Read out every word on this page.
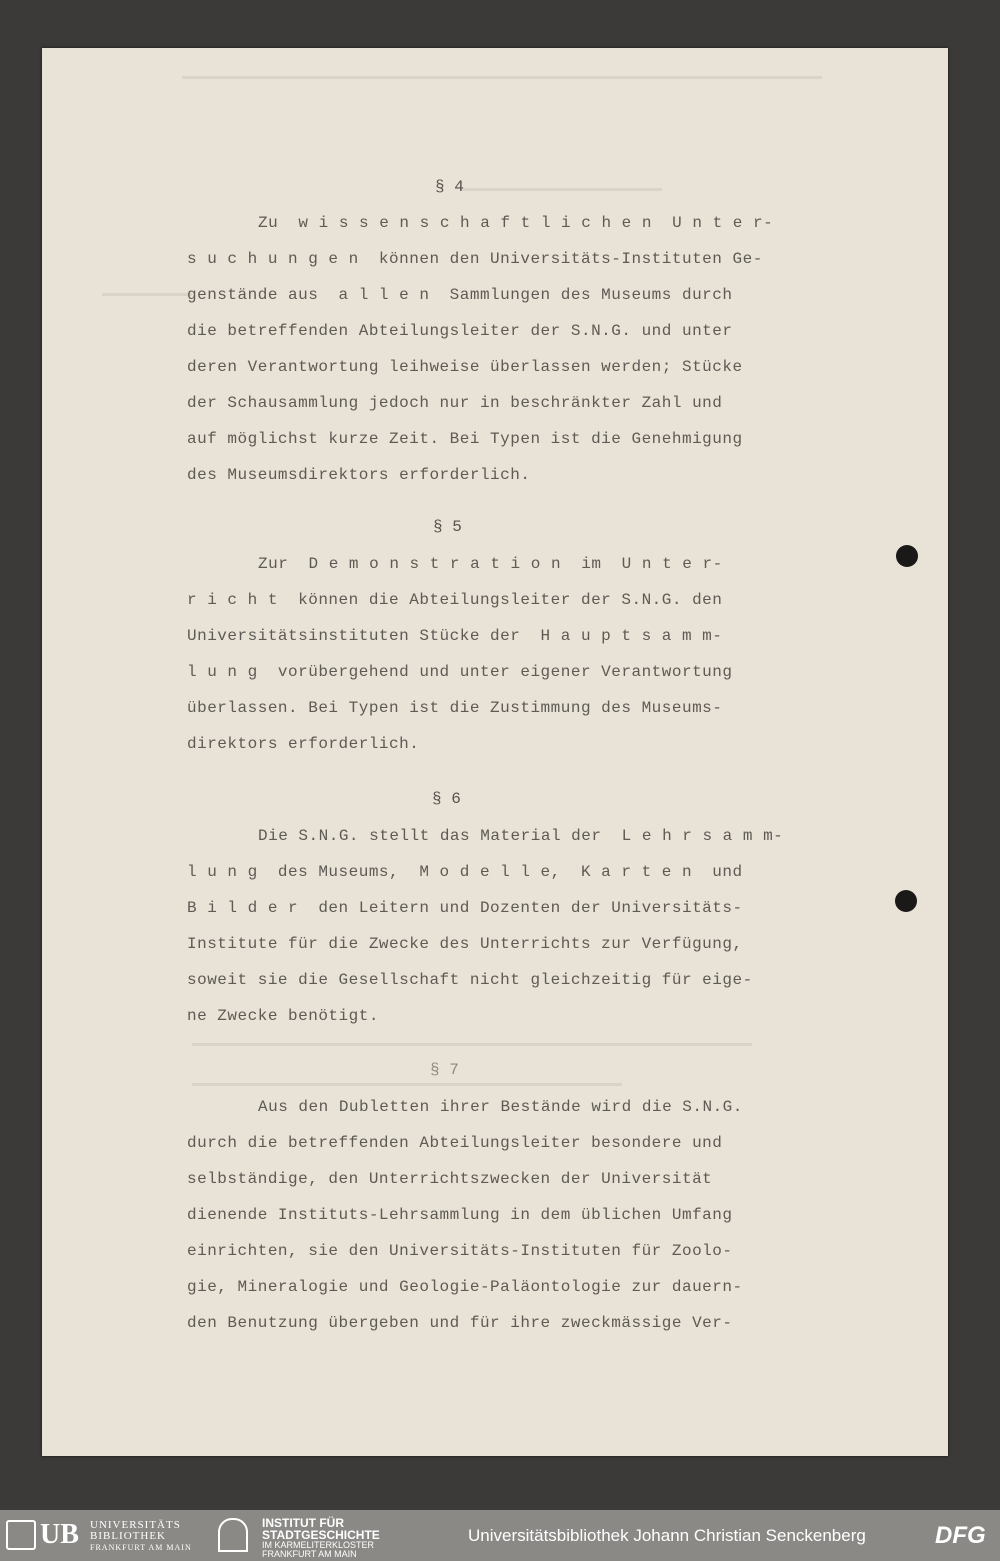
§ 4
Zu  w i s s e n s c h a f t l i c h e n  U n t e r-
s u c h u n g e n  können den Universitäts-Instituten Ge-
genstände aus  a l l e n  Sammlungen des Museums durch
die betreffenden Abteilungsleiter der S.N.G. und unter
deren Verantwortung leihweise überlassen werden; Stücke
der Schausammlung jedoch nur in beschränkter Zahl und
auf möglichst kurze Zeit. Bei Typen ist die Genehmigung
des Museumsdirektors erforderlich.
§ 5
Zur  D e m o n s t r a t i o n  im  U n t e r-
r i c h t  können die Abteilungsleiter der S.N.G. den
Universitätsinstituten Stücke der  H a u p t s a m m-
l u n g  vorübergehend und unter eigener Verantwortung
überlassen. Bei Typen ist die Zustimmung des Museums-
direktors erforderlich.
§ 6
Die S.N.G. stellt das Material der  L e h r s a m m-
l u n g  des Museums,  M o d e l l e,  K a r t e n  und
B i l d e r  den Leitern und Dozenten der Universitäts-
Institute für die Zwecke des Unterrichts zur Verfügung,
soweit sie die Gesellschaft nicht gleichzeitig für eige-
ne Zwecke benötigt.
§ 7
Aus den Dubletten ihrer Bestände wird die S.N.G.
durch die betreffenden Abteilungsleiter besondere und
selbständige, den Unterrichtszwecken der Universität
dienende Instituts-Lehrsammlung in dem üblichen Umfang
einrichten, sie den Universitäts-Instituten für Zoolo-
gie, Mineralogie und Geologie-Paläontologie zur dauern-
den Benutzung übergeben und für ihre zweckmässige Ver-
UB UNIVERSITÄTS
BIBLIOTHEK
FRANKFURT AM MAIN
INSTITUT FÜR
STADTGESCHICHTE
IM KARMELITERKLOSTER
FRANKFURT AM MAIN
Universitätsbibliothek Johann Christian Senckenberg	DFG
